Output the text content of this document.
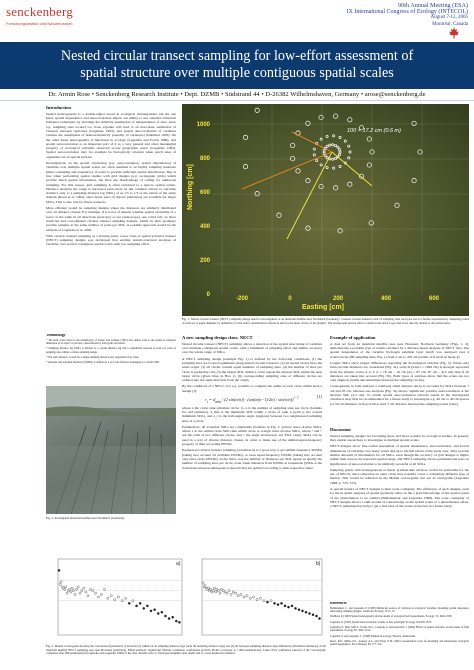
senckenberg
Forschungsinstitut und Naturmuseum
90th Annual Meeting (ESA)
IX International Congress of Ecology (INTECOL)
August 7-12, 2005
Montréal, Canada
Nested circular transect sampling for low-effort assessment of
spatial structure over multiple contiguous spatial scales
Dr. Armin Rose • Senckenberg Research Institute • Dept. DZMB • Südstrand 44 • D-26382 Wilhelmshaven, Germany • arose@senckenberg.de
Introduction

Spatial heterogeneity is a double-edged sword in ecological investigations. On the one hand, spatial dependence and autocorrelation impair our ability to use standard statistical inference techniques by violating the ANOVA assumption of independence of data, since e.g. sampling sites located too close together will lead to an inaccurate estimation of variance between replicates (Legendre 1993), and spatial autocorrelation of variables violates the assumption of homoscedasticity (equality of variances) (Dutilleul 1993). On the other hand, heterogeneity is functional in ecology (Legendre and Fortin 1989), and spatial autocorrelation is an important part of it as a very general and often meaningful property of ecological variables observed across geographic space (Legendre 1993). Spatial autocorrelation may for example be biologically relevant when patch sizes of organisms are of special interest.

Investigations on the spatial structuring (e.g. autocorrelation, spatial dependence) of variables over multiple spatial scales are often assumed to be highly sampling intensive (time consuming and expensive), in order to provide sufficient spatial information. This is true when performing spatial studies with grid designs (e.g. rectangular grids) which provide much spatial information, but have the disadvantage of calling for numerous sampling. For this reason, grid sampling is often restricted to a narrow spatial extent. Distance analyses the range is narrowed even more by the common advice to calculate statistics only to a sampling distance lag (SDL) of as 1/5 to 1/3 of the extent of the study domain (Rossi et al. 1992), since fewer pairs of objects (distances) are available for larger SDLs. This is also true for linear transects.

More efficient would be sampling designs where the distances are similarly distributed over all distance classes. For example, if it is not of interest whether spatial variability of a factor is the same in all directions (isotropy) or not (anisotropy), one could rely on more restricted and cost-efficient circular transect sampling designs, which by their geometry provide samples at the same number of pairs per SDL. A possible approach would be the analysis of Legendre et al. 2004.

With circular transect sampling as a starting point, a new class of spatial (circular transect (NECT) sampling designs was developed that enables spatial-structural analyses of variables over several contiguous spatial scales with low sampling effort.

Terminology

* The term 'scale' refers to the terminology of Turner and Gardner (1991) who define scale as the spatial or temporal dimension of an object or process, characterized by both grain and extent.

* Sampling distance lag (SDL) is defined as a certain distance lag that is equidistant between at least two pairs of sampling sites within a certain sampling design.

* The term 'distance' is used for a single sampling distance pair, regardless of its value.

* Absolute and potential distances (SDSDs) is defined as a set of all distances belonging to a certain SDL.

Fig. 2. Investigated intertidal mudflat near Norddeich (Germany).
100 × 17.2 cm (0.6 m)
Northing [cm]
Easting [cm]
-200	0	200	400	600
1000
800
600
400
200
0
Fig. 1. Nested circular transect (NECT) sampling design used for investigation of an intertidal mudflat near Norddeich (Germany). 3 nested circular transects with 74 sampling sites each (see text for further explanations). Sampling points of each set of equal diameter by definition, for the better visualization reduced in size for the inner circles of the graphic. The background picture shows a small-scale surface spot and is not directly related to the plotted sites.
A new sampling design class: NECT

Nested circular transect (NECT) sampling allows a detection of the spatial structuring of variables over multiple contiguous spatial scales, with a minimum of sampling effort and similar accuracy over the whole range of SDLs.

A NECT sampling design (example Fig. 1) is defined by the following conditions: (1) the sampling sites are located equidistant along nested circular transects. (2) all nested circles have the same origin. (3) all circles contain equal numbers of sampling sites, (4) the number of sites per circle is preferably odd, (5) the largest SDL within a circle equals the shortest SDL within the next larger circle (given lines in Box 1), (6) corresponding sampling sites of different circles are ordered into the same direction from the origin.

By the conditions of a NECT, it is e.g. possible to compute the radius of each circle within such a design [1]:

$r_i = d_{min} / (2$ $\sin(\pi/n)) \cdot (\sin(\pi(n-1)/2n) / \sin(\pi/n))^{i-1}$	[1]

where n the circle rank (smallest circle: 1), n is the number of sampling sites per circle (formula for odd numbers), d_min is the minimum SDL within a circle of rank n (with p, the overall minimum SDL), and e_i is the half-angular angle (degrees) between two neighboured sampling sites of a circle.

Furthermore, all available SDLs are computable (formula in Fig. 1; yellow: inter-circular SDLs, where i, k: the within-circle SDL rank within circle n; orange: inter-circular SDLs, where ^ and ^ are the radii of two different circles, and ^ the angle in-between; see EXT. rank). SDLs can be used in a way of diverse distance classes, in order to make use of the similar/equal-frequency property of their according DSSDs.

Equispaced circular transect sampling (condition 6) is a good way to get similar-frequency DSSDs (taking into account all available DSSDs), or even equal-frequency DSSDs (taking into account only intra-circle DSSDs). In the latter case the number of distances per SDL equals in quality the number of sampling sites per circle, even when distances from DSSDs at transitions (SSDs at the transitions between subsequent scales/circles) are splitted according to their respective share.

Example of application

A data set from an intertidal mudflat area near Hooksiel, Northern Germany (Figs. 1, 2), demonstrates a possible type of results obtained by a distance-based analysis of NECT data. The spatial dependence of the variable 'hydrogen sulphide layer depth' was analysed over 4 scales/circles (80 sampling sites, Fig. 1) from 3 cm to 470 cm (results of 6 trials in mode 2).

Largest SDLs show largest differences regarding the investigated variable (Fig. 3). When only intra-circular distances are considered (Fig. 3a), scale D (with s = 1969 cm) is stronger separated from the smaller scales A to C (l = 18 cm – 16 cm (A) = 87 cm; 87 cm – 415 cm) than if all distances are taken into account (Fig. 3b). Both types of analyses show that the scales are not only aligned (visible discontinuities between the sampling circles).

Consequently, in both analyses a relatively small distance decay is recorded for SDLs between 7 cm and 93 cm, whereas one analyses (Fig. 3a) shows 'significant' positive autocorrelation at the shortest SDL (4.2 cm). To obtain spatial autocorrelation relevant trends in the investigated variable it may thus be recommended for a future study to investigate e.g. 40 cm to 40 cm spaces (or 50 cm diameter circles) with at least 7 cm distance between the sampling points (sites).

Discussion

Nested sampling designs are becoming more and more popular in ecological studies. In general, they enable researchers to investigate at multiple spatial scales.

NECT designs allow fine-scaled assessment of spatial dependence, autocorrelation, and fractal dimensions of variables over many scales and up to the full extent of the study area. They provide similar amounts of information for all SDLs, even though the accuracy of grid designs is higher within their narrow incorporated spatial range, and NECT sampling allows permutational tests on significance of autocorrelation to be similarly powerful at all SDLs.

Sampling points with homogeneous or linear gradient-like surfaces would be preferable for the use of NECTs, since otherwise an outer circle may possibly cover a completely different type of habitat. This would be reflected in the Mantel correlogram, but not in variograms (Legendre 1998, p. 723, 725).

A special feature of NECT designs is their scale contiguity. The efficiency of such designs, even for the in-detail analyses of spatial geometry relies on the a priori knowledge of the spatial scales of the phenomenon to be studied (Bellehumeur and Legendre 1998). The scale contiguity of NECT designs allows a sum-around of a knowledge on the spatial scales of a phenomenon exists, a NECT sampling may help to get a first idea of the scales of interest in a future study.

References

Bellehumeur, C. and Legendre, P. (1998) Multiscale sources of variation in ecological variables: modeling spatial dispersion, elaborating sampling designs. Landscape Ecology 13:15–25.

Dutilleul, P. (1993) Spatial heterogeneity and the design of ecological field experiments. Ecology 74: 1646–1658.

Legendre, P. (1993) Spatial autocorrelation: trouble or new paradigm? Ecology 74:1659–1673.

Legendre, P., Dale, M.R.T., Fortin, M.-J., Casgrain, P. and Gurevitch, J. (2004) Effects of spatial structures on the results of field experiments. Ecology 85: 3202–3214.

Legendre, P. and Legendre, L. (1998) Numerical ecology. Elsevier, Amsterdam.

Rossi, R.E., Mulla, D.J., Journel, A.G. and Franz, E.H. (1992) Geostatistical tools for modeling and interpreting ecological spatial dependence. Ecol. Monogr. 62: 277–314.

a)	b)
Fig. 3. Mantel correlogram showing the correlation (Spearman's r) between (a) within-circle sampling distance lags (only 49 sampling distance lags) and (b) all between-sampling-distance-lags differences (Euclidean distances) of the intertidal mudflat NECT sampling area near Hooksiel (Germany). Filled symbols: 'significant' Mantel correlation coefficients (p<0.05, Holm correction, n = 999 permutations). Lines: 95% confidence interval of the correlogram, computed after 999 permutations (Legendre and Legendre 1998) of the data. Results refer to 'hydrogen sulphide layer depth' and to a non-destructive method.
